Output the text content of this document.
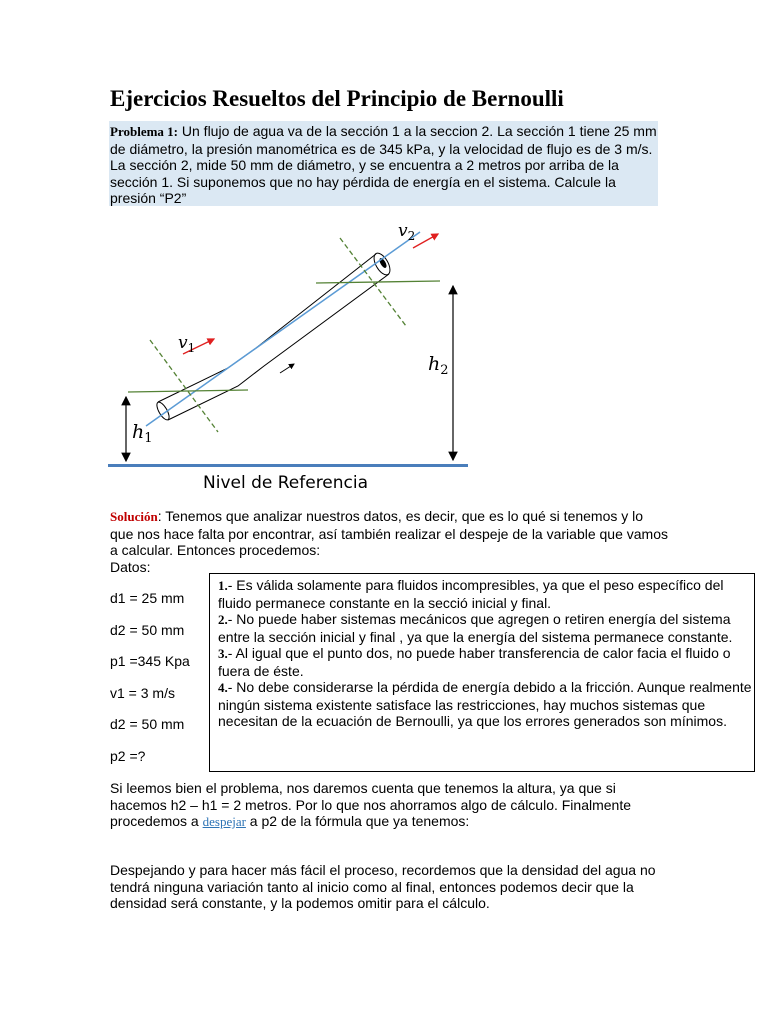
Ejercicios Resueltos del Principio de Bernoulli
Problema 1: Un flujo de agua va de la sección 1 a la seccion 2. La sección 1 tiene 25 mm de diámetro, la presión manométrica es de 345 kPa, y la velocidad de flujo es de 3 m/s. La sección 2, mide 50 mm de diámetro, y se encuentra a 2 metros por arriba de la sección 1. Si suponemos que no hay pérdida de energía en el sistema. Calcule la presión “P2”
$v_1$
$v_2$
$h_1$
$h_2$
Nivel de Referencia
Solución: Tenemos que analizar nuestros datos, es decir, que es lo qué si tenemos y lo que nos hace falta por encontrar, así también realizar el despeje de la variable que vamos a calcular. Entonces procedemos:
Datos:
d1 = 25 mm
d2 = 50 mm
p1 =345 Kpa
v1 = 3 m/s
d2 = 50 mm
p2 =?

1.- Es válida solamente para fluidos incompresibles, ya que el peso específico del fluido permanece constante en la secció inicial y final.

2.- No puede haber sistemas mecánicos que agregen o retiren energía del sistema entre la sección inicial y final , ya que la energía del sistema permanece constante.

3.- Al igual que el punto dos, no puede haber transferencia de calor facia el fluido o fuera de éste.

4.- No debe considerarse la pérdida de energía debido a la fricción. Aunque realmente ningún sistema existente satisface las restricciones, hay muchos sistemas que necesitan de la ecuación de Bernoulli, ya que los errores generados son mínimos.

Si leemos bien el problema, nos daremos cuenta que tenemos la altura, ya que si hacemos h2 – h1 = 2 metros. Por lo que nos ahorramos algo de cálculo. Finalmente procedemos a despejar a p2 de la fórmula que ya tenemos:
Despejando y para hacer más fácil el proceso, recordemos que la densidad del agua no tendrá ninguna variación tanto al inicio como al final, entonces podemos decir que la densidad será constante, y la podemos omitir para el cálculo.
